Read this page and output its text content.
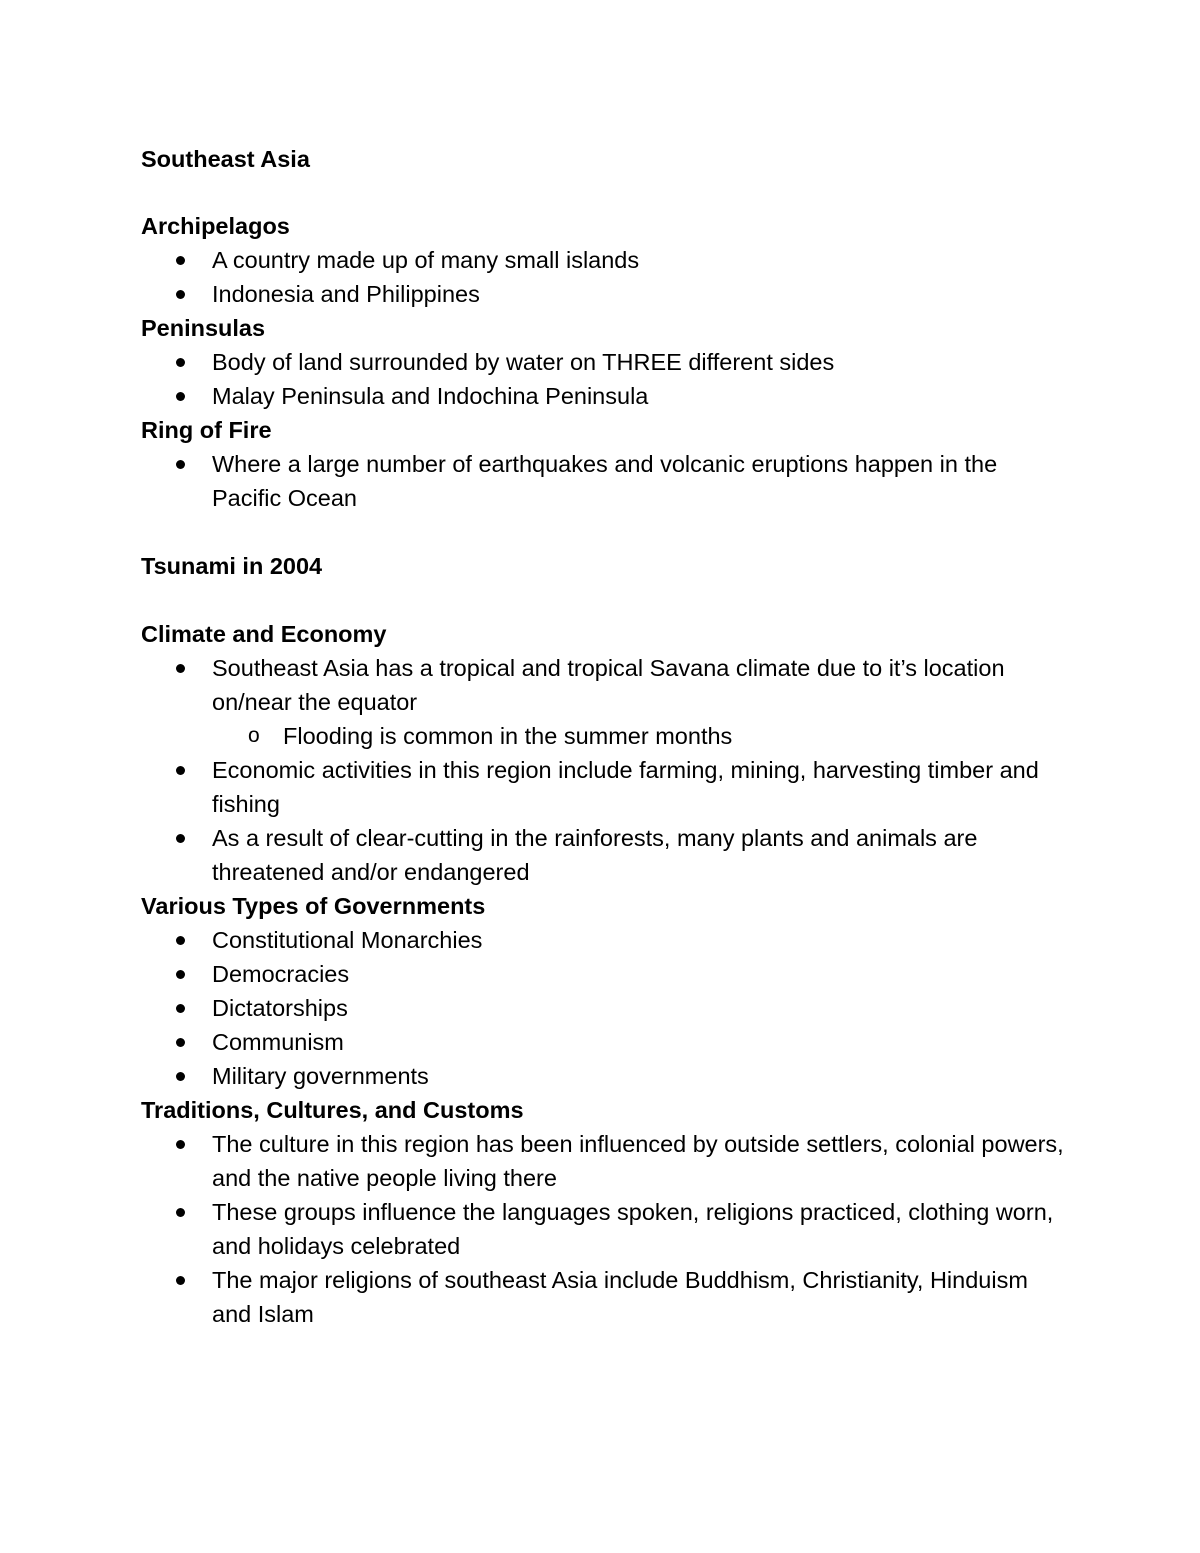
Southeast Asia

Archipelagos

A country made up of many small islands
Indonesia and Philippines

Peninsulas

Body of land surrounded by water on THREE different sides
Malay Peninsula and Indochina Peninsula

Ring of Fire

Where a large number of earthquakes and volcanic eruptions happen in the Pacific Ocean

Tsunami in 2004

Climate and Economy

Southeast Asia has a tropical and tropical Savana climate due to it’s location on/near the equator
o Flooding is common in the summer months
Economic activities in this region include farming, mining, harvesting timber and fishing
As a result of clear-cutting in the rainforests, many plants and animals are threatened and/or endangered

Various Types of Governments

Constitutional Monarchies
Democracies
Dictatorships
Communism
Military governments

Traditions, Cultures, and Customs

The culture in this region has been influenced by outside settlers, colonial powers, and the native people living there
These groups influence the languages spoken, religions practiced, clothing worn, and holidays celebrated
The major religions of southeast Asia include Buddhism, Christianity, Hinduism and Islam
